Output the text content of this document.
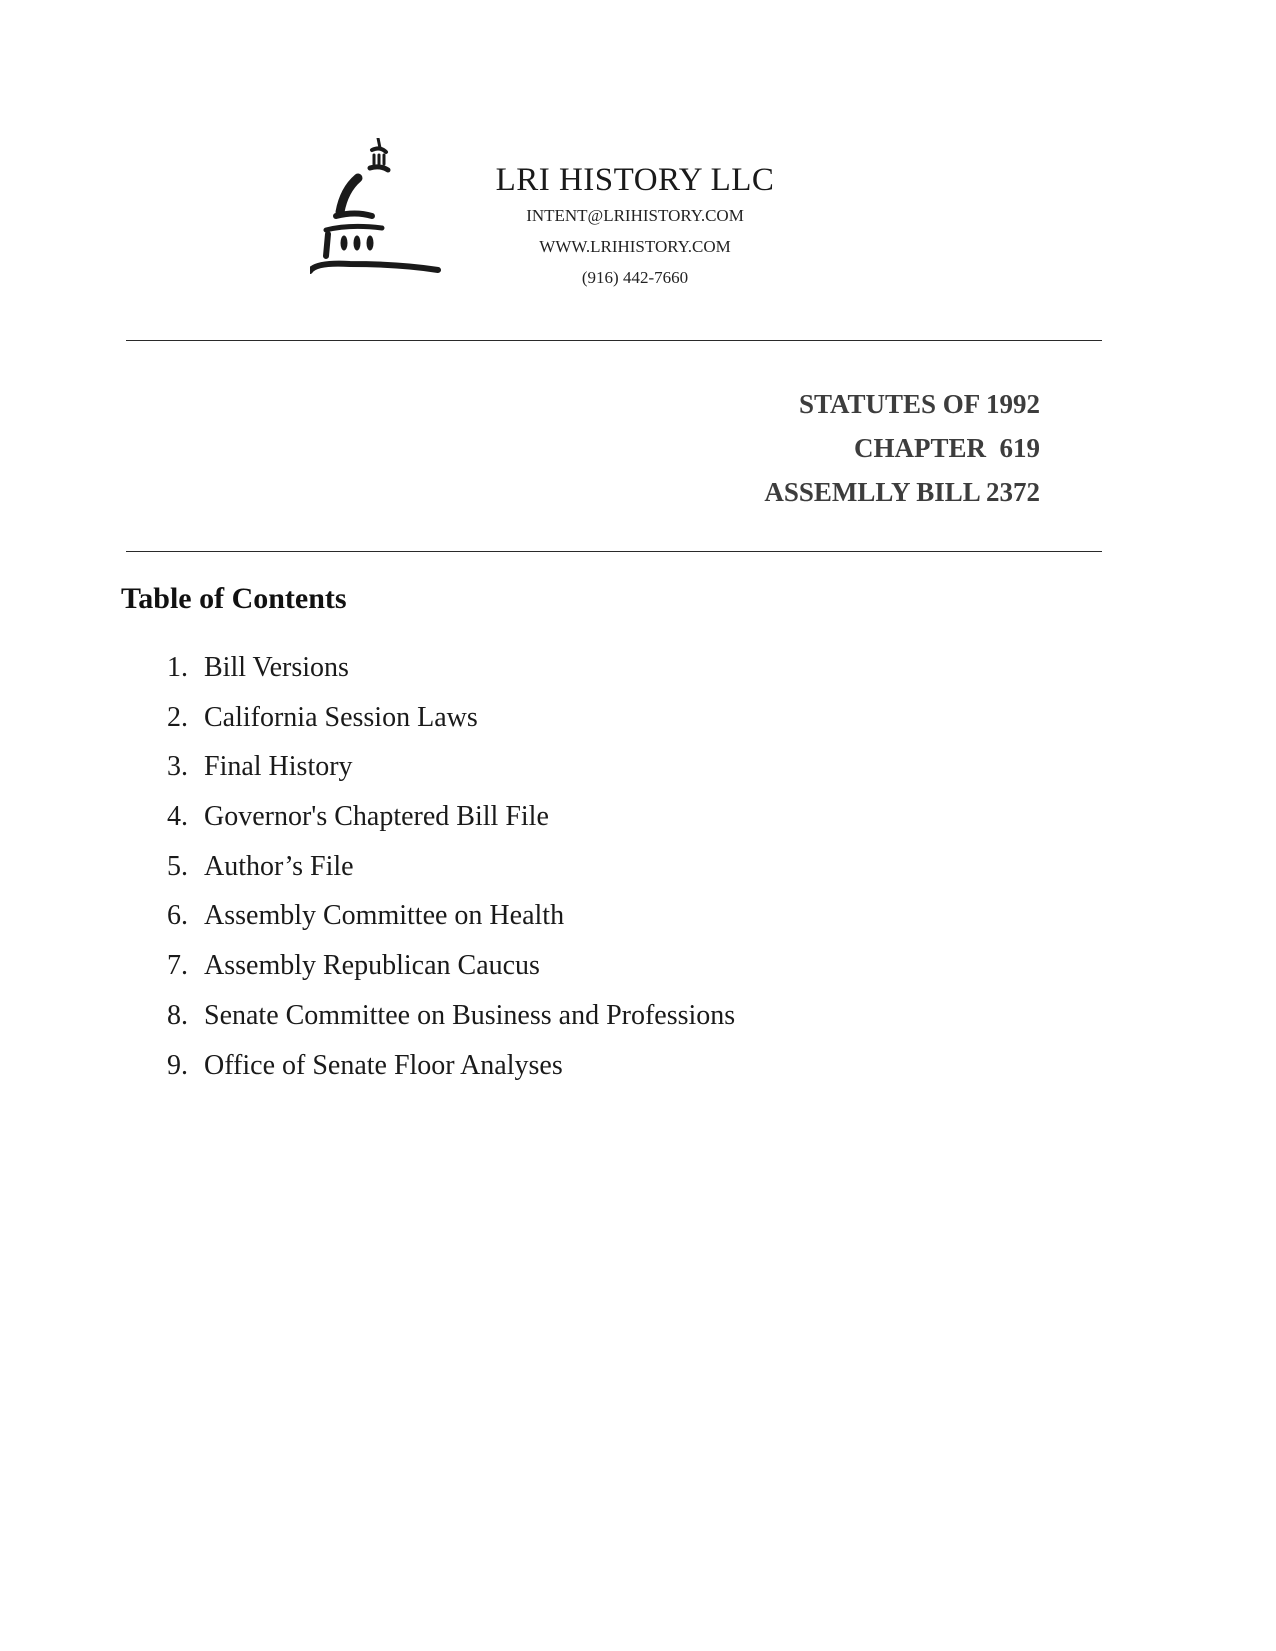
LRI HISTORY LLC
INTENT@LRIHISTORY.COM
WWW.LRIHISTORY.COM
(916) 442-7660
STATUTES OF 1992
CHAPTER  619
ASSEMLLY BILL 2372
Table of Contents
1. Bill Versions
2. California Session Laws
3. Final History
4. Governor's Chaptered Bill File
5. Author’s File
6. Assembly Committee on Health
7. Assembly Republican Caucus
8. Senate Committee on Business and Professions
9. Office of Senate Floor Analyses
